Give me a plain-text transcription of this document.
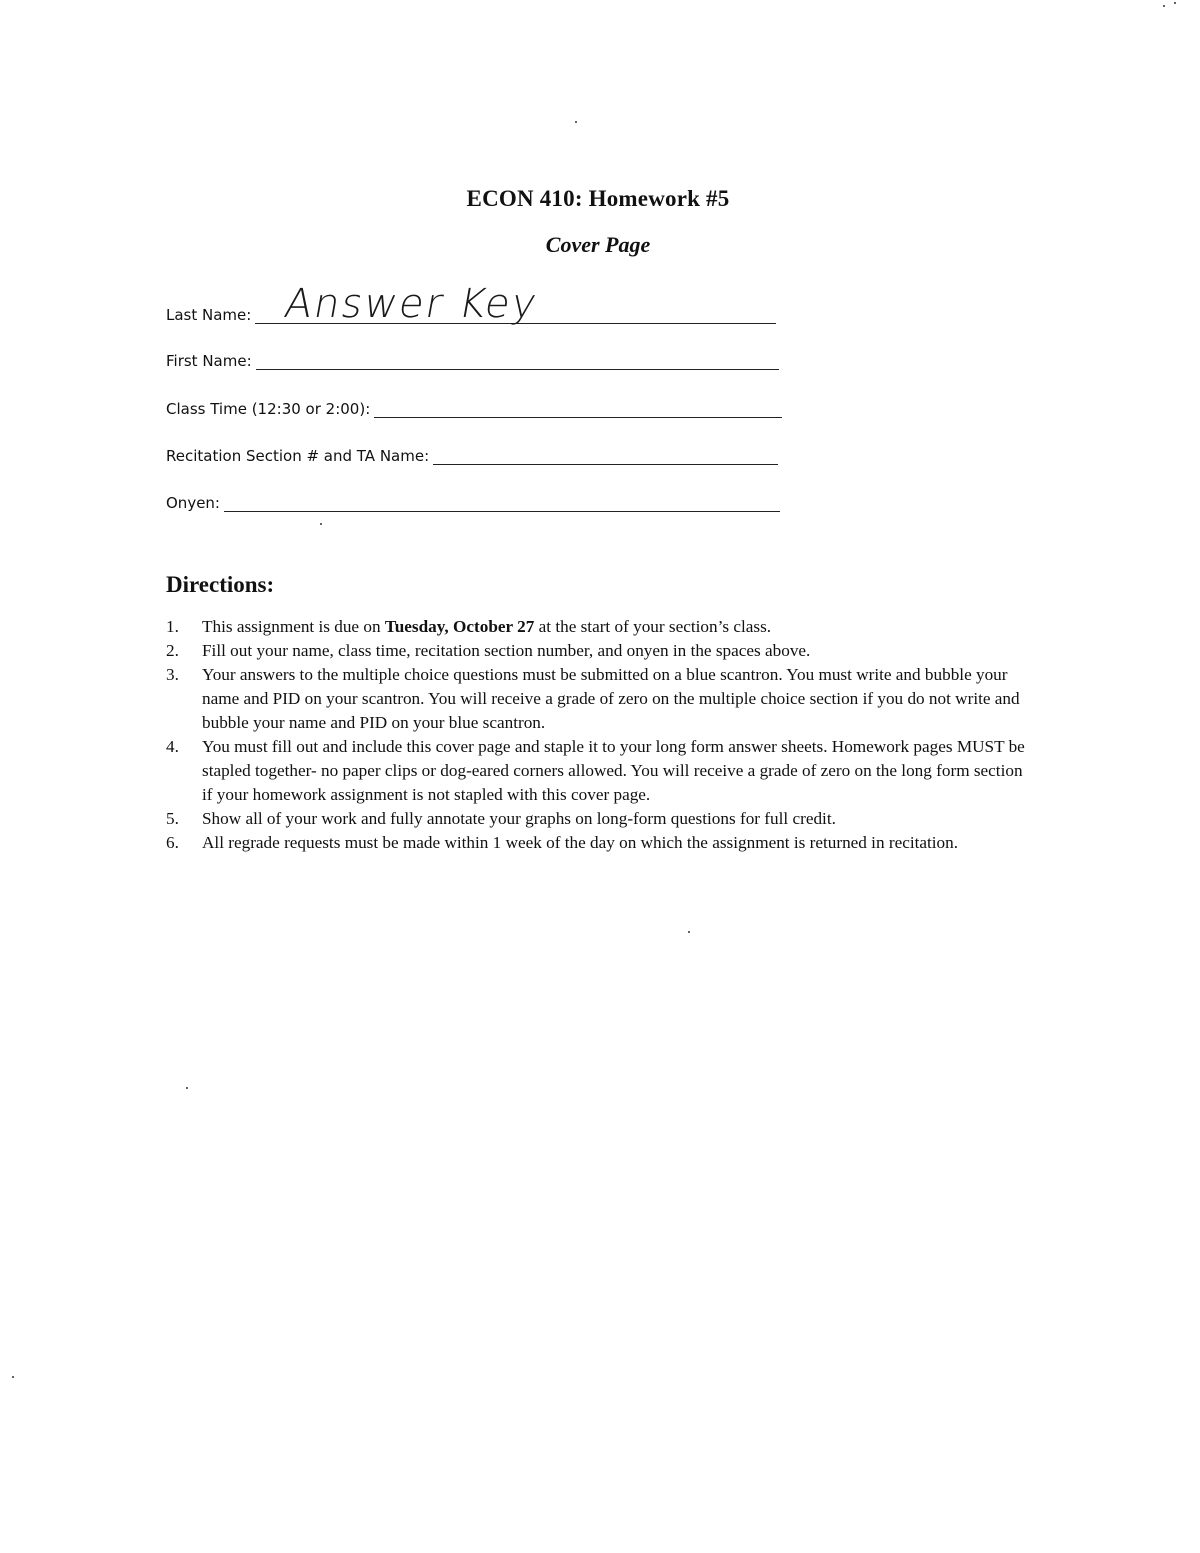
ECON 410: Homework #5
Cover Page
Last Name: Answer Key
First Name:
Class Time (12:30 or 2:00):
Recitation Section # and TA Name:
Onyen:
Directions:
1.	This assignment is due on Tuesday, October 27 at the start of your section’s class.
2.	Fill out your name, class time, recitation section number, and onyen in the spaces above.
3.	Your answers to the multiple choice questions must be submitted on a blue scantron. You must write and bubble your name and PID on your scantron. You will receive a grade of zero on the multiple choice section if you do not write and bubble your name and PID on your blue scantron.
4.	You must fill out and include this cover page and staple it to your long form answer sheets. Homework pages MUST be stapled together- no paper clips or dog-eared corners allowed. You will receive a grade of zero on the long form section if your homework assignment is not stapled with this cover page.
5.	Show all of your work and fully annotate your graphs on long-form questions for full credit.
6.	All regrade requests must be made within 1 week of the day on which the assignment is returned in recitation.
